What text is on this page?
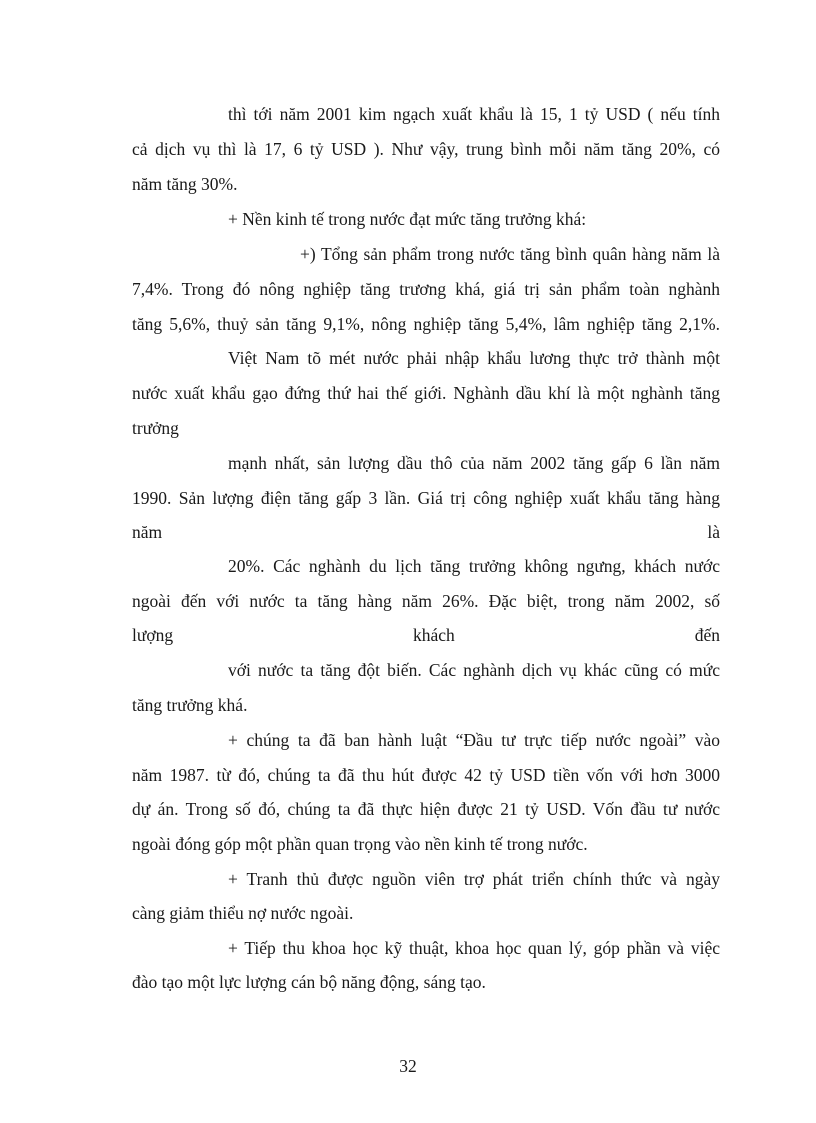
thì tới năm 2001 kim ngạch xuất khẩu là 15, 1 tỷ USD ( nếu tính
cả dịch vụ thì là 17, 6 tỷ USD ). Như vậy, trung bình mỗi năm tăng 20%, có
năm tăng 30%.
+ Nền kinh tế trong nước đạt mức tăng trưởng khá:
+) Tổng sản phẩm trong nước tăng bình quân hàng năm là
7,4%. Trong đó nông nghiệp tăng trương khá, giá trị sản phẩm toàn nghành
tăng 5,6%, thuỷ sản tăng 9,1%, nông nghiệp tăng 5,4%, lâm nghiệp tăng 2,1%.
Việt Nam tõ mét nước phải nhập khẩu lương thực trở thành một
nước xuất khẩu gạo đứng thứ hai thế giới. Nghành dầu khí là một nghành tăng
trưởng
mạnh nhất, sản lượng dầu thô của năm 2002 tăng gấp 6 lần năm
1990. Sản lượng điện tăng gấp 3 lần. Giá trị công nghiệp xuất khẩu tăng hàng
năm là
20%. Các nghành du lịch tăng trưởng không ngưng, khách nước
ngoài đến với nước ta tăng hàng năm 26%. Đặc biệt, trong năm 2002, số
lượng khách đến
với nước ta tăng đột biến. Các nghành dịch vụ khác cũng có mức
tăng trưởng khá.
+ chúng ta đã ban hành luật “Đầu tư trực tiếp nước ngoài” vào
năm 1987. từ đó, chúng ta đã thu hút được 42 tỷ USD tiền vốn với hơn 3000
dự án. Trong số đó, chúng ta đã thực hiện được 21 tỷ USD. Vốn đầu tư nước
ngoài đóng góp một phần quan trọng vào nền kinh tế trong nước.
+ Tranh thủ được nguồn viên trợ phát triển chính thức và ngày
càng giảm thiểu nợ nước ngoài.
+ Tiếp thu khoa học kỹ thuật, khoa học quan lý, góp phần và việc
đào tạo một lực lượng cán bộ năng động, sáng tạo.
32
